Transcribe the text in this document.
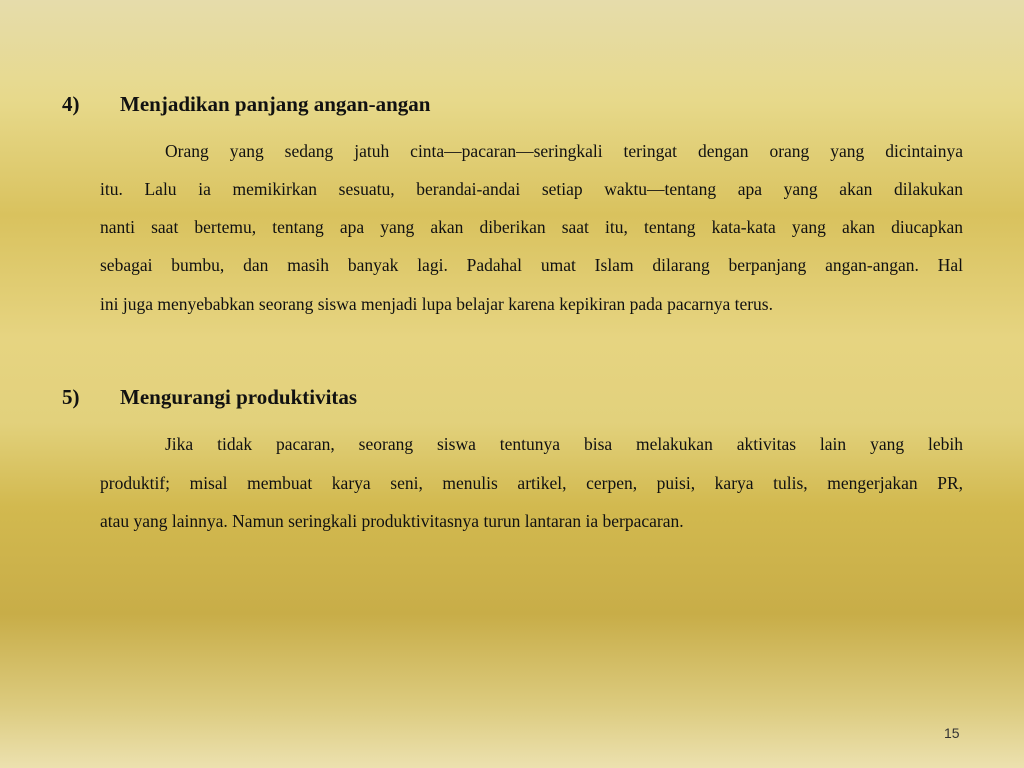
4) Menjadikan panjang angan-angan
Orang yang sedang jatuh cinta—pacaran—seringkali teringat dengan orang yang dicintainya
itu. Lalu ia memikirkan sesuatu, berandai-andai setiap waktu—tentang apa yang akan dilakukan
nanti saat bertemu, tentang apa yang akan diberikan saat itu, tentang kata-kata yang akan diucapkan
sebagai bumbu, dan masih banyak lagi. Padahal umat Islam dilarang berpanjang angan-angan. Hal
ini juga menyebabkan seorang siswa menjadi lupa belajar karena kepikiran pada pacarnya terus.
5) Mengurangi produktivitas
Jika tidak pacaran, seorang siswa tentunya bisa melakukan aktivitas lain yang lebih
produktif; misal membuat karya seni, menulis artikel, cerpen, puisi, karya tulis, mengerjakan PR,
atau yang lainnya. Namun seringkali produktivitasnya turun lantaran ia berpacaran.
15
